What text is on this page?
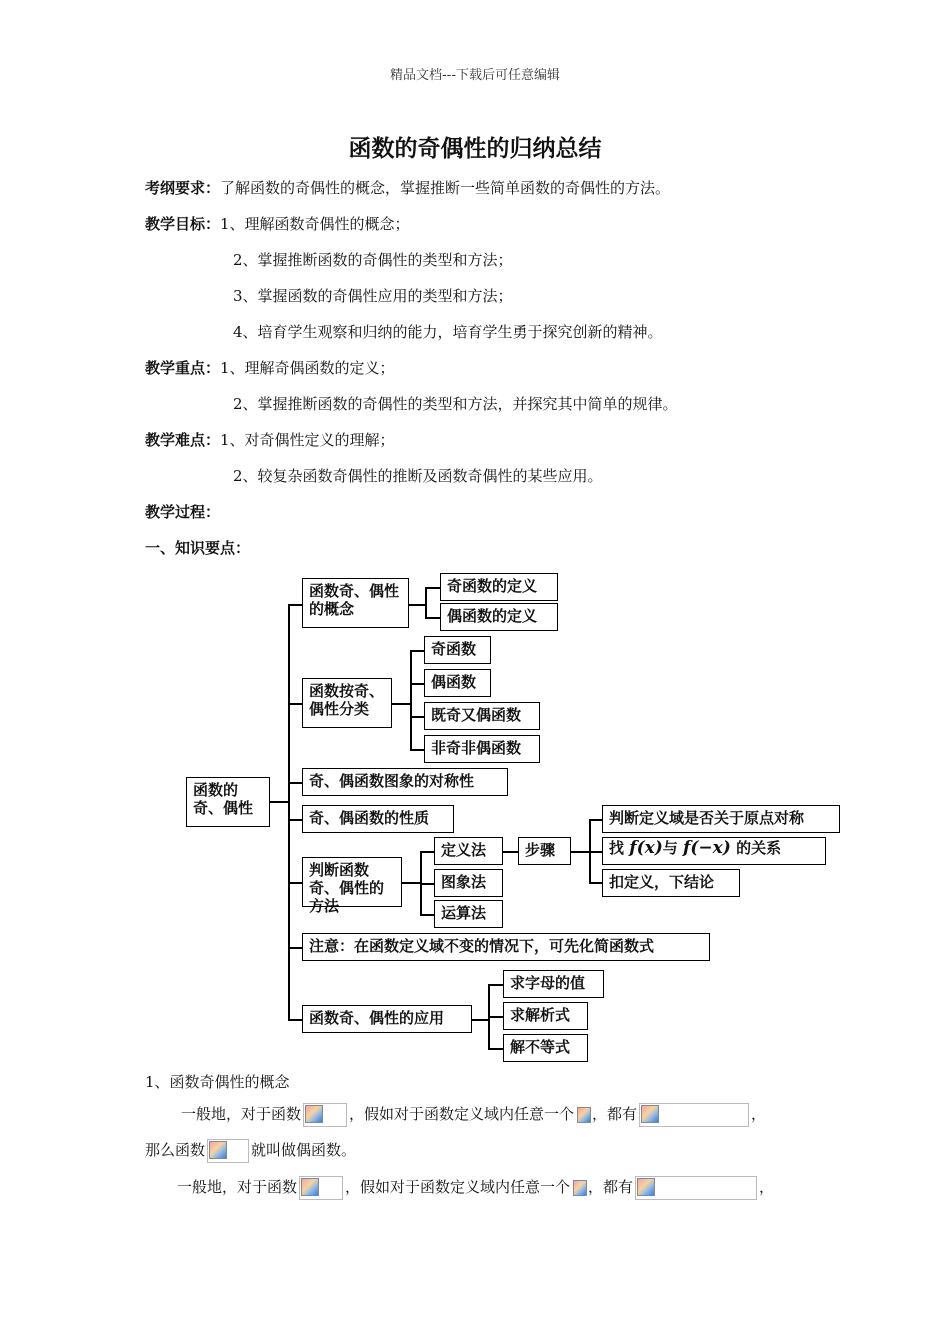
精品文档---下载后可任意编辑
函数的奇偶性的归纳总结
考纲要求：了解函数的奇偶性的概念，掌握推断一些简单函数的奇偶性的方法。
教学目标：1、理解函数奇偶性的概念；
2、掌握推断函数的奇偶性的类型和方法；
3、掌握函数的奇偶性应用的类型和方法；
4、培育学生观察和归纳的能力，培育学生勇于探究创新的精神。
教学重点：1、理解奇偶函数的定义；
2、掌握推断函数的奇偶性的类型和方法，并探究其中简单的规律。
教学难点：1、对奇偶性定义的理解；
2、较复杂函数奇偶性的推断及函数奇偶性的某些应用。
教学过程：
一、知识要点：
函数的奇、偶性
函数奇、偶性的概念
奇函数的定义
偶函数的定义
函数按奇、偶性分类
奇函数
偶函数
既奇又偶函数
非奇非偶函数
奇、偶函数图象的对称性
奇、偶函数的性质
判断函数奇、偶性的方法
定义法
图象法
运算法
步骤
判断定义域是否关于原点对称
找 f(x)与 f(−x) 的关系
扣定义，下结论
注意：在函数定义域不变的情况下，可先化简函数式
函数奇、偶性的应用
求字母的值
求解析式
解不等式
1、函数奇偶性的概念
一般地，对于函数	，假如对于函数定义域内任意一个 ，都有	，
那么函数	就叫做偶函数。
一般地，对于函数	，假如对于函数定义域内任意一个 ，都有	，
